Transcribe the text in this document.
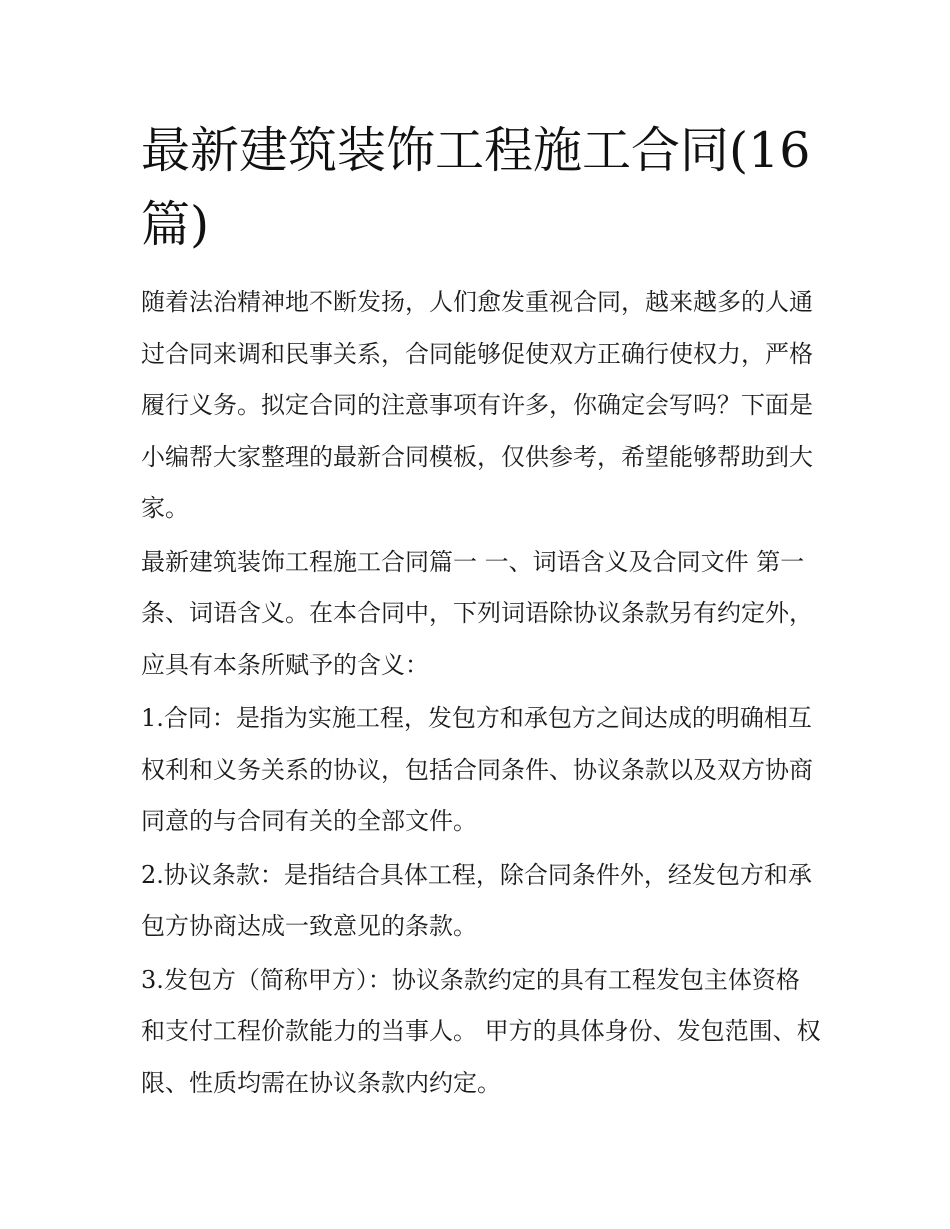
最新建筑装饰工程施工合同(16篇)

随着法治精神地不断发扬，人们愈发重视合同，越来越多的人通过合同来调和民事关系，合同能够促使双方正确行使权力，严格履行义务。拟定合同的注意事项有许多，你确定会写吗？下面是小编帮大家整理的最新合同模板，仅供参考，希望能够帮助到大家。

最新建筑装饰工程施工合同篇一 一、词语含义及合同文件 第一条、词语含义。在本合同中，下列词语除协议条款另有约定外，应具有本条所赋予的含义：

1.合同：是指为实施工程，发包方和承包方之间达成的明确相互权利和义务关系的协议，包括合同条件、协议条款以及双方协商同意的与合同有关的全部文件。

2.协议条款：是指结合具体工程，除合同条件外，经发包方和承包方协商达成一致意见的条款。

3.发包方（简称甲方）：协议条款约定的具有工程发包主体资格和支付工程价款能力的当事人。 甲方的具体身份、发包范围、权限、性质均需在协议条款内约定。
